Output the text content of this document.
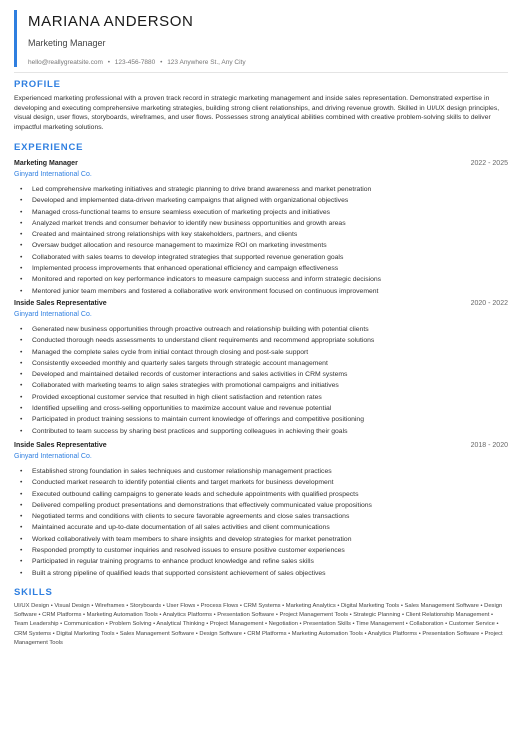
MARIANA ANDERSON
Marketing Manager
hello@reallygreatsite.com • 123-456-7880 • 123 Anywhere St., Any City
PROFILE
Experienced marketing professional with a proven track record in strategic marketing management and inside sales representation. Demonstrated expertise in developing and executing comprehensive marketing strategies, building strong client relationships, and driving revenue growth. Skilled in UI/UX design principles, visual design, user flows, storyboards, wireframes, and user flows. Possesses strong analytical abilities combined with creative problem-solving skills to deliver impactful marketing solutions.
EXPERIENCE
Marketing Manager	2022 - 2025
Ginyard International Co.
• Led comprehensive marketing initiatives and strategic planning to drive brand awareness and market penetration
• Developed and implemented data-driven marketing campaigns that aligned with organizational objectives
• Managed cross-functional teams to ensure seamless execution of marketing projects and initiatives
• Analyzed market trends and consumer behavior to identify new business opportunities and growth areas
• Created and maintained strong relationships with key stakeholders, partners, and clients
• Oversaw budget allocation and resource management to maximize ROI on marketing investments
• Collaborated with sales teams to develop integrated strategies that supported revenue generation goals
• Implemented process improvements that enhanced operational efficiency and campaign effectiveness
• Monitored and reported on key performance indicators to measure campaign success and inform strategic decisions
• Mentored junior team members and fostered a collaborative work environment focused on continuous improvement
Inside Sales Representative	2020 - 2022
Ginyard International Co.
• Generated new business opportunities through proactive outreach and relationship building with potential clients
• Conducted thorough needs assessments to understand client requirements and recommend appropriate solutions
• Managed the complete sales cycle from initial contact through closing and post-sale support
• Consistently exceeded monthly and quarterly sales targets through strategic account management
• Developed and maintained detailed records of customer interactions and sales activities in CRM systems
• Collaborated with marketing teams to align sales strategies with promotional campaigns and initiatives
• Provided exceptional customer service that resulted in high client satisfaction and retention rates
• Identified upselling and cross-selling opportunities to maximize account value and revenue potential
• Participated in product training sessions to maintain current knowledge of offerings and competitive positioning
• Contributed to team success by sharing best practices and supporting colleagues in achieving their goals
Inside Sales Representative	2018 - 2020
Ginyard International Co.
• Established strong foundation in sales techniques and customer relationship management practices
• Conducted market research to identify potential clients and target markets for business development
• Executed outbound calling campaigns to generate leads and schedule appointments with qualified prospects
• Delivered compelling product presentations and demonstrations that effectively communicated value propositions
• Negotiated terms and conditions with clients to secure favorable agreements and close sales transactions
• Maintained accurate and up-to-date documentation of all sales activities and client communications
• Worked collaboratively with team members to share insights and develop strategies for market penetration
• Responded promptly to customer inquiries and resolved issues to ensure positive customer experiences
• Participated in regular training programs to enhance product knowledge and refine sales skills
• Built a strong pipeline of qualified leads that supported consistent achievement of sales objectives
SKILLS
UI/UX Design • Visual Design • Wireframes • Storyboards • User Flows • Process Flows • CRM Systems • Marketing Analytics • Digital Marketing Tools • Sales Management Software • Design Software • CRM Platforms • Marketing Automation Tools • Analytics Platforms • Presentation Software • Project Management Tools • Strategic Planning • Client Relationship Management • Team Leadership • Communication • Problem Solving • Analytical Thinking • Project Management • Negotiation • Presentation Skills • Time Management • Collaboration • Customer Service • CRM Systems • Digital Marketing Tools • Sales Management Software • Design Software • CRM Platforms • Marketing Automation Tools • Analytics Platforms • Presentation Software • Project Management Tools
